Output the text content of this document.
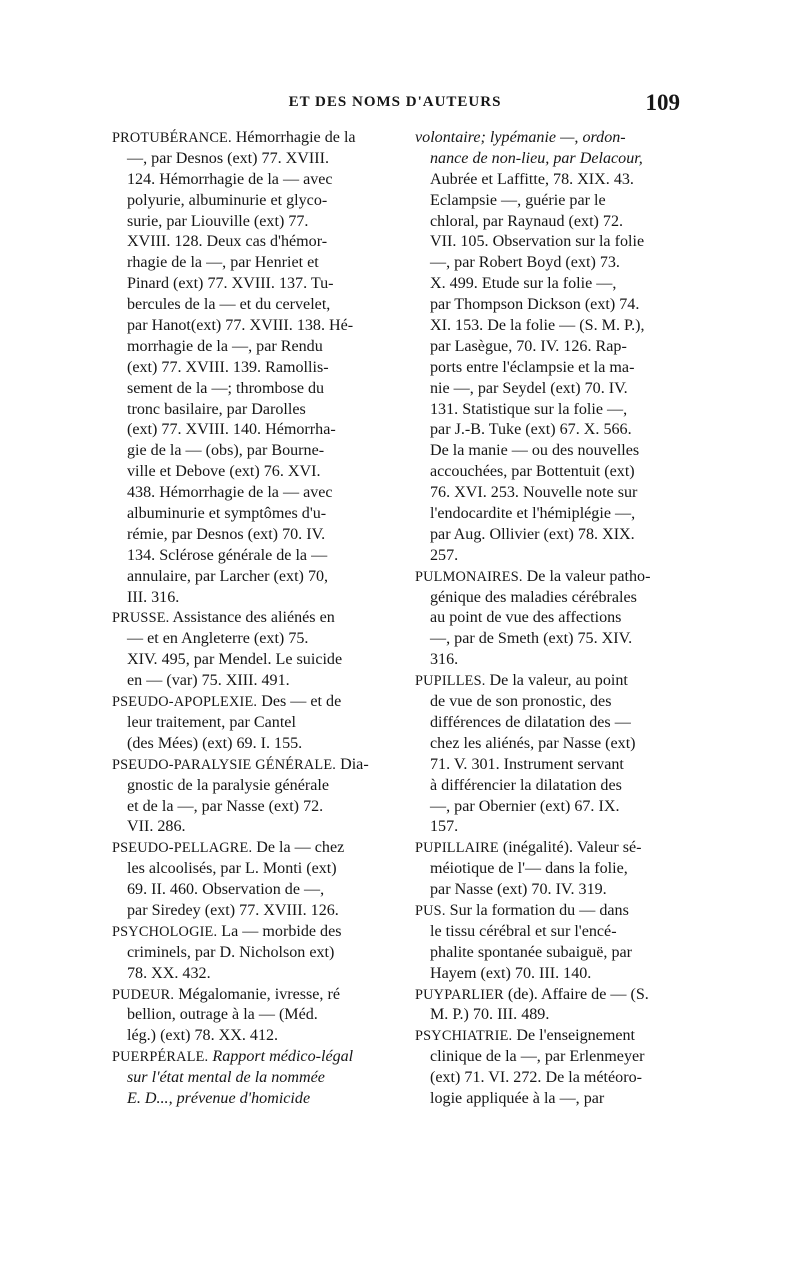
ET DES NOMS D'AUTEURS	109
PROTUBÉRANCE. Hémorrhagie de la
—, par Desnos (ext) 77. XVIII.
124. Hémorrhagie de la — avec
polyurie, albuminurie et glyco-
surie, par Liouville (ext) 77.
XVIII. 128. Deux cas d'hémor-
rhagie de la —, par Henriet et
Pinard (ext) 77. XVIII. 137. Tu-
bercules de la — et du cervelet,
par Hanot(ext) 77. XVIII. 138. Hé-
morrhagie de la —, par Rendu
(ext) 77. XVIII. 139. Ramollis-
sement de la —; thrombose du
tronc basilaire, par Darolles
(ext) 77. XVIII. 140. Hémorrha-
gie de la — (obs), par Bourne-
ville et Debove (ext) 76. XVI.
438. Hémorrhagie de la — avec
albuminurie et symptômes d'u-
rémie, par Desnos (ext) 70. IV.
134. Sclérose générale de la —
annulaire, par Larcher (ext) 70,
III. 316.
PRUSSE. Assistance des aliénés en
— et en Angleterre (ext) 75.
XIV. 495, par Mendel. Le suicide
en — (var) 75. XIII. 491.
PSEUDO-APOPLEXIE. Des — et de
leur traitement, par Cantel
(des Mées) (ext) 69. I. 155.
PSEUDO-PARALYSIE GÉNÉRALE. Dia-
gnostic de la paralysie générale
et de la —, par Nasse (ext) 72.
VII. 286.
PSEUDO-PELLAGRE. De la — chez
les alcoolisés, par L. Monti (ext)
69. II. 460. Observation de —,
par Siredey (ext) 77. XVIII. 126.
PSYCHOLOGIE. La — morbide des
criminels, par D. Nicholson ext)
78. XX. 432.
PUDEUR. Mégalomanie, ivresse, ré
bellion, outrage à la — (Méd.
lég.) (ext) 78. XX. 412.
PUERPÉRALE. Rapport médico-légal
sur l'état mental de la nommée
E. D..., prévenue d'homicide
volontaire; lypémanie —, ordon-
nance de non-lieu, par Delacour,
Aubrée et Laffitte, 78. XIX. 43.
Eclampsie —, guérie par le
chloral, par Raynaud (ext) 72.
VII. 105. Observation sur la folie
—, par Robert Boyd (ext) 73.
X. 499. Etude sur la folie —,
par Thompson Dickson (ext) 74.
XI. 153. De la folie — (S. M. P.),
par Lasègue, 70. IV. 126. Rap-
ports entre l'éclampsie et la ma-
nie —, par Seydel (ext) 70. IV.
131. Statistique sur la folie —,
par J.-B. Tuke (ext) 67. X. 566.
De la manie — ou des nouvelles
accouchées, par Bottentuit (ext)
76. XVI. 253. Nouvelle note sur
l'endocardite et l'hémiplégie —,
par Aug. Ollivier (ext) 78. XIX.
257.
PULMONAIRES. De la valeur patho-
génique des maladies cérébrales
au point de vue des affections
—, par de Smeth (ext) 75. XIV.
316.
PUPILLES. De la valeur, au point
de vue de son pronostic, des
différences de dilatation des —
chez les aliénés, par Nasse (ext)
71. V. 301. Instrument servant
à différencier la dilatation des
—, par Obernier (ext) 67. IX.
157.
PUPILLAIRE (inégalité). Valeur sé-
méiotique de l'— dans la folie,
par Nasse (ext) 70. IV. 319.
PUS. Sur la formation du — dans
le tissu cérébral et sur l'encé-
phalite spontanée subaiguë, par
Hayem (ext) 70. III. 140.
PUYPARLIER (de). Affaire de — (S.
M. P.) 70. III. 489.
PSYCHIATRIE. De l'enseignement
clinique de la —, par Erlenmeyer
(ext) 71. VI. 272. De la météoro-
logie appliquée à la —, par
